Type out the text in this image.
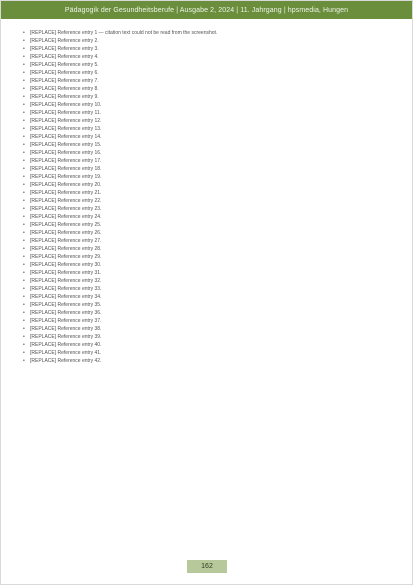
Pädagogik der Gesundheitsberufe | Ausgabe 2, 2024 | 11. Jahrgang | hpsmedia, Hungen

• [REPLACE] Reference entry 1 — citation text could not be read from the screenshot.

• [REPLACE] Reference entry 2.

• [REPLACE] Reference entry 3.

• [REPLACE] Reference entry 4.

• [REPLACE] Reference entry 5.

• [REPLACE] Reference entry 6.

• [REPLACE] Reference entry 7.

• [REPLACE] Reference entry 8.

• [REPLACE] Reference entry 9.

• [REPLACE] Reference entry 10.

• [REPLACE] Reference entry 11.

• [REPLACE] Reference entry 12.

• [REPLACE] Reference entry 13.

• [REPLACE] Reference entry 14.

• [REPLACE] Reference entry 15.

• [REPLACE] Reference entry 16.

• [REPLACE] Reference entry 17.

• [REPLACE] Reference entry 18.

• [REPLACE] Reference entry 19.

• [REPLACE] Reference entry 20.

• [REPLACE] Reference entry 21.

• [REPLACE] Reference entry 22.

• [REPLACE] Reference entry 23.

• [REPLACE] Reference entry 24.

• [REPLACE] Reference entry 25.

• [REPLACE] Reference entry 26.

• [REPLACE] Reference entry 27.

• [REPLACE] Reference entry 28.

• [REPLACE] Reference entry 29.

• [REPLACE] Reference entry 30.

• [REPLACE] Reference entry 31.

• [REPLACE] Reference entry 32.

• [REPLACE] Reference entry 33.

• [REPLACE] Reference entry 34.

• [REPLACE] Reference entry 35.

• [REPLACE] Reference entry 36.

• [REPLACE] Reference entry 37.

• [REPLACE] Reference entry 38.

• [REPLACE] Reference entry 39.

• [REPLACE] Reference entry 40.

• [REPLACE] Reference entry 41.

• [REPLACE] Reference entry 42.

162
